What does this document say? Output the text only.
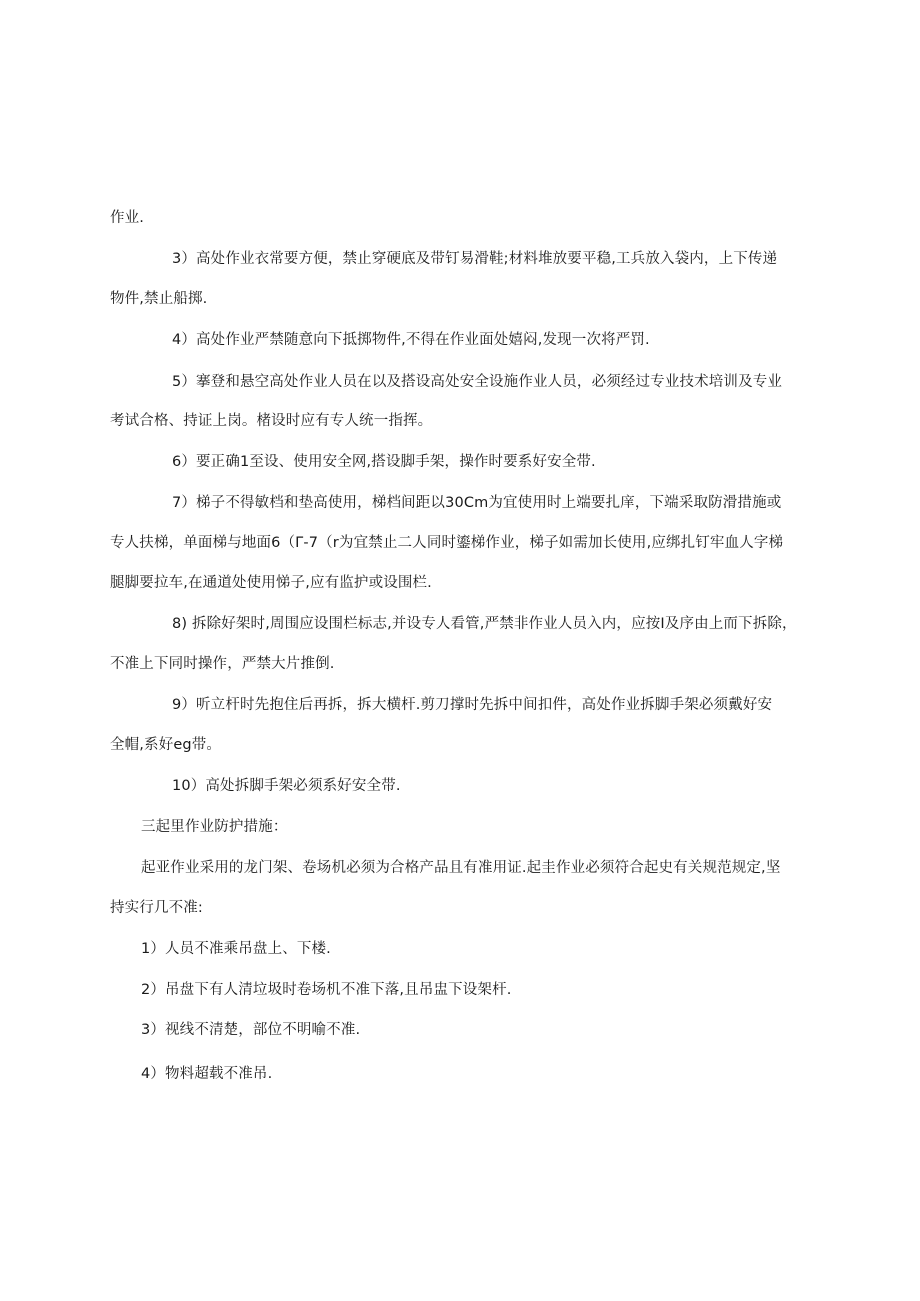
作业.
3）高处作业衣常要方便，禁止穿硬底及带钉易滑鞋;材料堆放要平稳,工兵放入袋内，上下传递
物件,禁止船掷.
4）高处作业严禁随意向下抵掷物件,不得在作业面处嬉闷,发现一次将严罚.
5）搴登和悬空高处作业人员在以及搭设高处安全设施作业人员，必须经过专业技术培训及专业
考试合格、持证上岗。楮设时应有专人统一指挥。
6）要正确1至设、使用安全网,搭设脚手架，操作时要系好安全带.
7）梯子不得敏档和垫高使用，梯档间距以30Cm为宜使用时上端要扎庠，下端采取防滑措施或
专人扶梯，单面梯与地面6（Γ-7（r为宜禁止二人同时鎏梯作业，梯子如需加长使用,应绑扎钉牢血人字梯
腿脚要拉车,在通道处使用悌子,应有监护或设围栏.
8) 拆除好架时,周围应设围栏标志,并设专人看管,严禁非作业人员入内，应按I及序由上而下拆除，
不准上下同时操作，严禁大片推倒.
9）听立杆时先抱住后再拆，拆大横杆.剪刀撑时先拆中间扣件，高处作业拆脚手架必须戴好安
全帽,系好eg带。
10）高处拆脚手架必须系好安全带.
三起里作业防护措施：
起亚作业采用的龙门架、卷场机必须为合格产品且有准用证.起圭作业必须符合起史有关规范规定,坚
持实行几不准:
1）人员不准乘吊盘上、下楼.
2）吊盘下有人清垃圾时卷场机不准下落,且吊盅下设架杆.
3）视线不清楚，部位不明喻不准.
4）物料超载不准吊.
